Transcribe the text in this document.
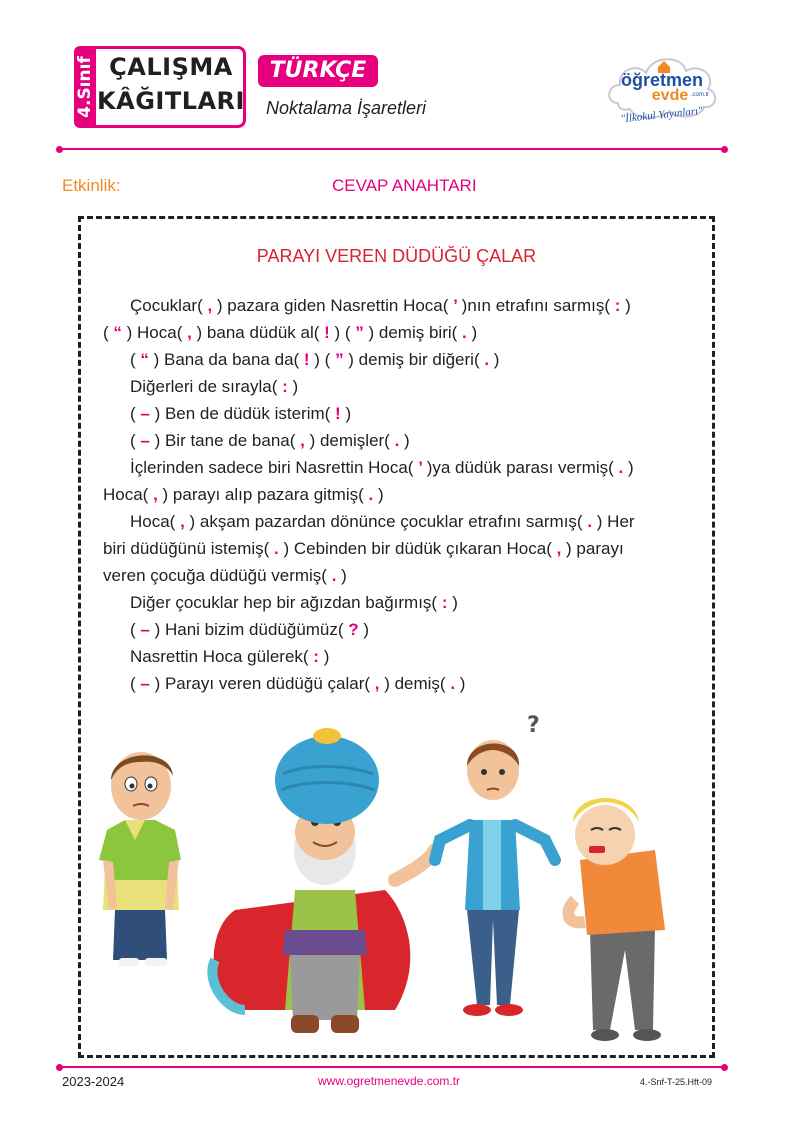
4.Sınıf ÇALIŞMA
KÂĞITLARI
TÜRKÇE
Noktalama İşaretleri
öğretmen
evde .com.tr
"İlkokul Yayınları"
Etkinlik:	CEVAP ANAHTARI
PARAYI VEREN DÜDÜĞÜ ÇALAR
Çocuklar( , ) pazara giden Nasrettin Hoca( ’ )nın etrafını sarmış( : )
( “ ) Hoca( , ) bana düdük al( ! ) ( ” ) demiş biri( . )
( “ ) Bana da bana da( ! ) ( ” ) demiş bir diğeri( . )
Diğerleri de sırayla( : )
( – ) Ben de düdük isterim( ! )
( – ) Bir tane de bana( , ) demişler( . )
İçlerinden sadece biri Nasrettin Hoca( ’ )ya düdük parası vermiş( . )
Hoca( , ) parayı alıp pazara gitmiş( . )
Hoca( , ) akşam pazardan dönünce çocuklar etrafını sarmış( . ) Her
biri düdüğünü istemiş( . ) Cebinden bir düdük çıkaran Hoca( , ) parayı
veren çocuğa düdüğü vermiş( . )
Diğer çocuklar hep bir ağızdan bağırmış( : )
( – ) Hani bizim düdüğümüz( ? )
Nasrettin Hoca gülerek( : )
( – ) Parayı veren düdüğü çalar( , ) demiş( . )
?
2023-2024	www.ogretmenevde.com.tr	4.-Snf-T-25.Hft-09
